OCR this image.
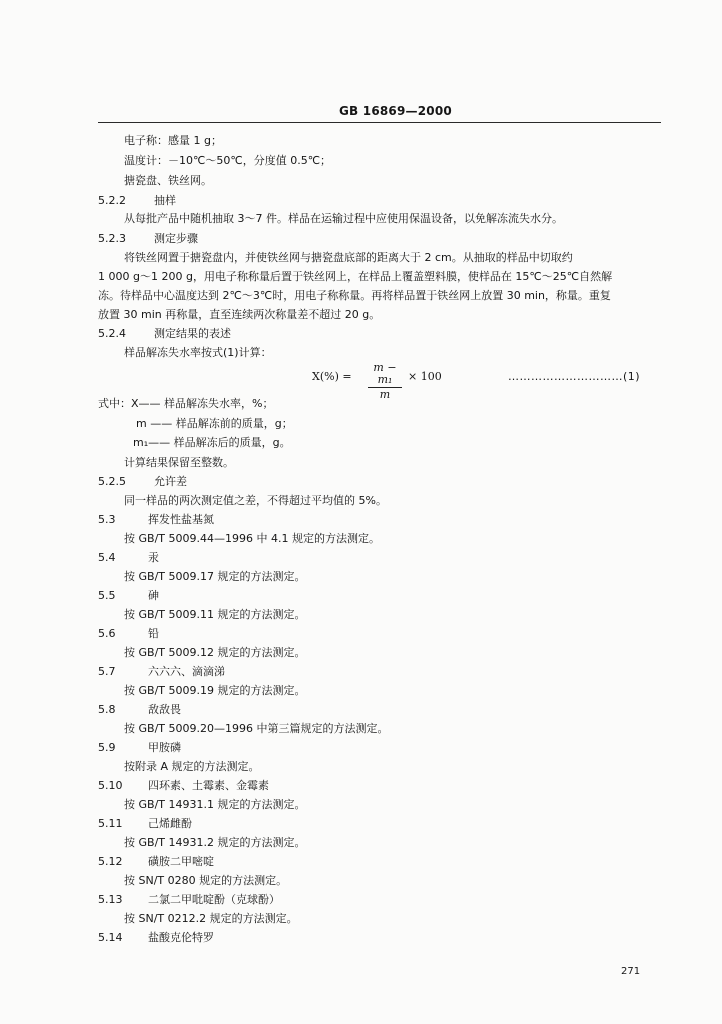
GB 16869—2000
电子称：感量 1 g；
温度计：－10℃～50℃，分度值 0.5℃；
搪瓷盘、铁丝网。
5.2.2	抽样
从每批产品中随机抽取 3～7 件。样品在运输过程中应使用保温设备，以免解冻流失水分。
5.2.3	测定步骤
将铁丝网置于搪瓷盘内，并使铁丝网与搪瓷盘底部的距离大于 2 cm。从抽取的样品中切取约
1 000 g～1 200 g，用电子称称量后置于铁丝网上，在样品上覆盖塑料膜，使样品在 15℃～25℃自然解
冻。待样品中心温度达到 2℃～3℃时，用电子称称量。再将样品置于铁丝网上放置 30 min，称量。重复
放置 30 min 再称量，直至连续两次称量差不超过 20 g。
5.2.4	测定结果的表述
样品解冻失水率按式(1)计算：
X(%) =
m − m₁
m
× 100	…………………………(1)
式中：X—— 样品解冻失水率，%；
m —— 样品解冻前的质量，g；
m₁—— 样品解冻后的质量，g。
计算结果保留至整数。
5.2.5	允许差
同一样品的两次测定值之差，不得超过平均值的 5%。
5.3	挥发性盐基氮
按 GB/T 5009.44—1996 中 4.1 规定的方法测定。
5.4	汞
按 GB/T 5009.17 规定的方法测定。
5.5	砷
按 GB/T 5009.11 规定的方法测定。
5.6	铅
按 GB/T 5009.12 规定的方法测定。
5.7	六六六、滴滴涕
按 GB/T 5009.19 规定的方法测定。
5.8	敌敌畏
按 GB/T 5009.20—1996 中第三篇规定的方法测定。
5.9	甲胺磷
按附录 A 规定的方法测定。
5.10 四环素、土霉素、金霉素
按 GB/T 14931.1 规定的方法测定。
5.11 己烯雌酚
按 GB/T 14931.2 规定的方法测定。
5.12 磺胺二甲嘧啶
按 SN/T 0280 规定的方法测定。
5.13 二氯二甲吡啶酚（克球酚）
按 SN/T 0212.2 规定的方法测定。
5.14 盐酸克伦特罗
271
